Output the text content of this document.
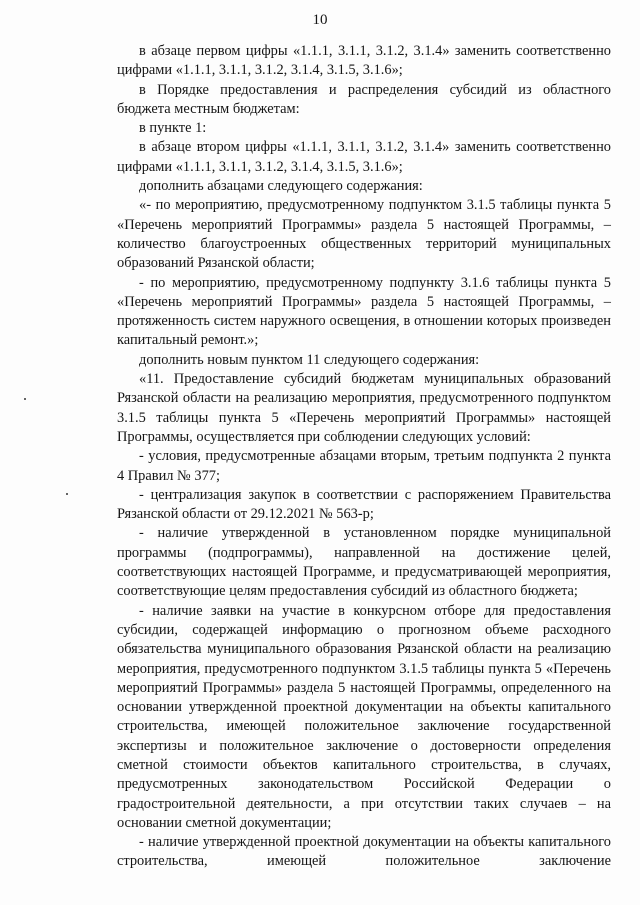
10

в абзаце первом цифры «1.1.1, 3.1.1, 3.1.2, 3.1.4» заменить соответственно цифрами «1.1.1, 3.1.1, 3.1.2, 3.1.4, 3.1.5, 3.1.6»;

в Порядке предоставления и распределения субсидий из областного бюджета местным бюджетам:

в пункте 1:

в абзаце втором цифры «1.1.1, 3.1.1, 3.1.2, 3.1.4» заменить соответственно цифрами «1.1.1, 3.1.1, 3.1.2, 3.1.4, 3.1.5, 3.1.6»;

дополнить абзацами следующего содержания:

«- по мероприятию, предусмотренному подпунктом 3.1.5 таблицы пункта 5 «Перечень мероприятий Программы» раздела 5 настоящей Программы, – количество благоустроенных общественных территорий муниципальных образований Рязанской области;

- по мероприятию, предусмотренному подпункту 3.1.6 таблицы пункта 5 «Перечень мероприятий Программы» раздела 5 настоящей Программы, – протяженность систем наружного освещения, в отношении которых произведен капитальный ремонт.»;

дополнить новым пунктом 11 следующего содержания:

«11. Предоставление субсидий бюджетам муниципальных образований Рязанской области на реализацию мероприятия, предусмотренного подпунктом 3.1.5 таблицы пункта 5 «Перечень мероприятий Программы» настоящей Программы, осуществляется при соблюдении следующих условий:

- условия, предусмотренные абзацами вторым, третьим подпункта 2 пункта 4 Правил № 377;

- централизация закупок в соответствии с распоряжением Правительства Рязанской области от 29.12.2021 № 563-р;

- наличие утвержденной в установленном порядке муниципальной программы (подпрограммы), направленной на достижение целей, соответствующих настоящей Программе, и предусматривающей мероприятия, соответствующие целям предоставления субсидий из областного бюджета;

- наличие заявки на участие в конкурсном отборе для предоставления субсидии, содержащей информацию о прогнозном объеме расходного обязательства муниципального образования Рязанской области на реализацию мероприятия, предусмотренного подпунктом 3.1.5 таблицы пункта 5 «Перечень мероприятий Программы» раздела 5 настоящей Программы, определенного на основании утвержденной проектной документации на объекты капитального строительства, имеющей положительное заключение государственной экспертизы и положительное заключение о достоверности определения сметной стоимости объектов капитального строительства, в случаях, предусмотренных законодательством Российской Федерации о градостроительной деятельности, а при отсутствии таких случаев – на основании сметной документации;

- наличие утвержденной проектной документации на объекты капитального строительства, имеющей положительное заключение
